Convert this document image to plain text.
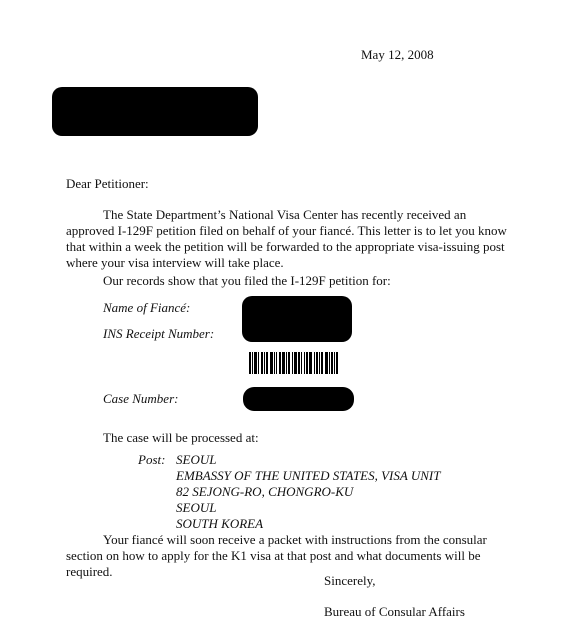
May 12, 2008
Dear Petitioner:
The State Department’s National Visa Center has recently received an approved I-129F petition filed on behalf of your fiancé. This letter is to let you know that within a week the petition will be forwarded to the appropriate visa-issuing post where your visa interview will take place.
Our records show that you filed the I-129F petition for:
Name of Fiancé:
INS Receipt Number:
Case Number:
The case will be processed at:
Post: SEOUL
EMBASSY OF THE UNITED STATES, VISA UNIT
82 SEJONG-RO, CHONGRO-KU
SEOUL
SOUTH KOREA
Your fiancé will soon receive a packet with instructions from the consular section on how to apply for the K1 visa at that post and what documents will be required.
Sincerely,
Bureau of Consular Affairs
